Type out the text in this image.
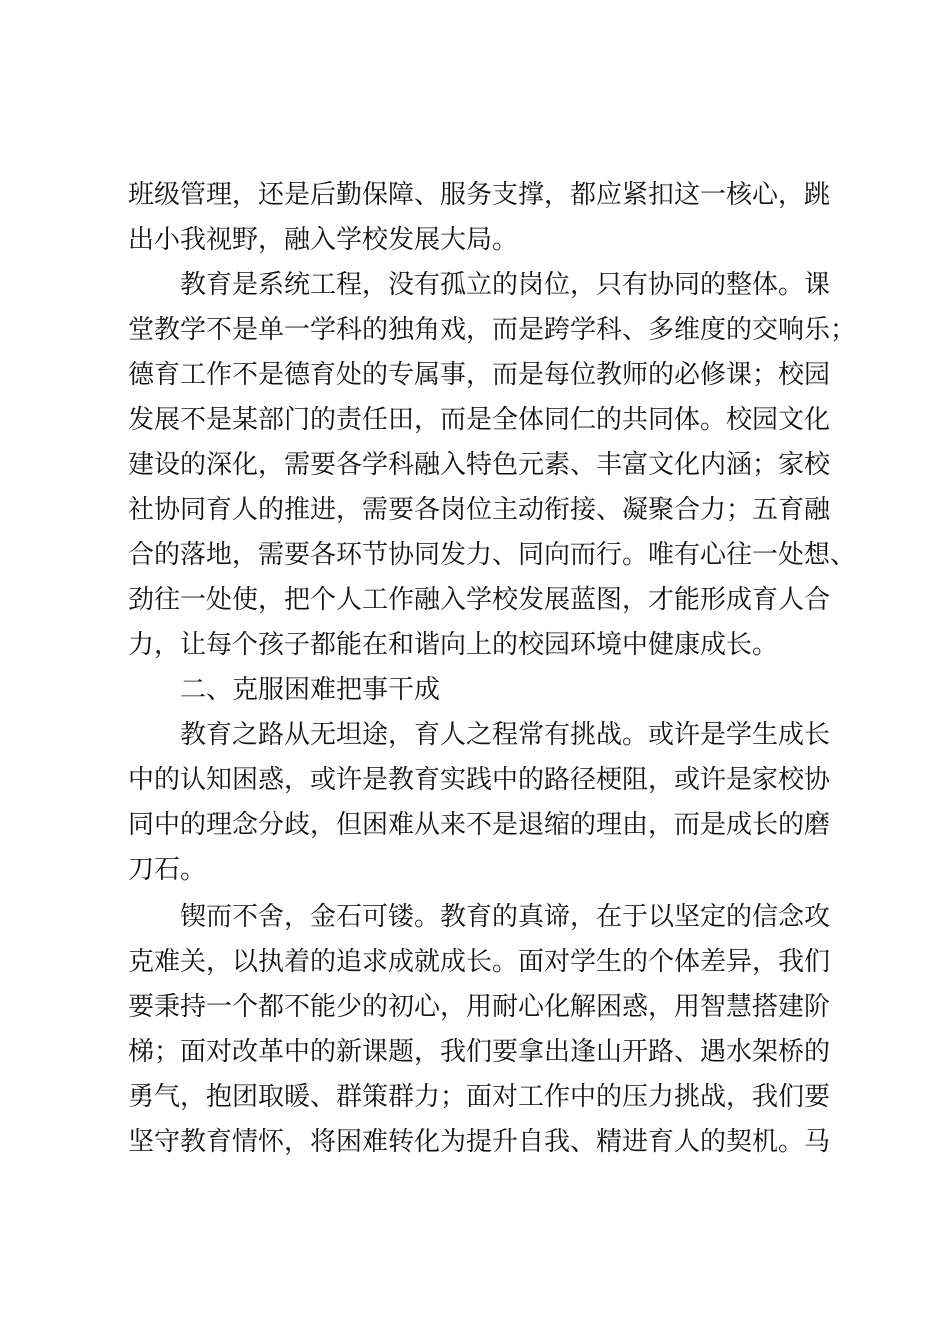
班级管理，还是后勤保障、服务支撑，都应紧扣这一核心，跳
出小我视野，融入学校发展大局。
教育是系统工程，没有孤立的岗位，只有协同的整体。课
堂教学不是单一学科的独角戏，而是跨学科、多维度的交响乐；
德育工作不是德育处的专属事，而是每位教师的必修课；校园
发展不是某部门的责任田，而是全体同仁的共同体。校园文化
建设的深化，需要各学科融入特色元素、丰富文化内涵；家校
社协同育人的推进，需要各岗位主动衔接、凝聚合力；五育融
合的落地，需要各环节协同发力、同向而行。唯有心往一处想、
劲往一处使，把个人工作融入学校发展蓝图，才能形成育人合
力，让每个孩子都能在和谐向上的校园环境中健康成长。
二、克服困难把事干成
教育之路从无坦途，育人之程常有挑战。或许是学生成长
中的认知困惑，或许是教育实践中的路径梗阻，或许是家校协
同中的理念分歧，但困难从来不是退缩的理由，而是成长的磨
刀石。
锲而不舍，金石可镂。教育的真谛，在于以坚定的信念攻
克难关，以执着的追求成就成长。面对学生的个体差异，我们
要秉持一个都不能少的初心，用耐心化解困惑，用智慧搭建阶
梯；面对改革中的新课题，我们要拿出逢山开路、遇水架桥的
勇气，抱团取暖、群策群力；面对工作中的压力挑战，我们要
坚守教育情怀，将困难转化为提升自我、精进育人的契机。马
